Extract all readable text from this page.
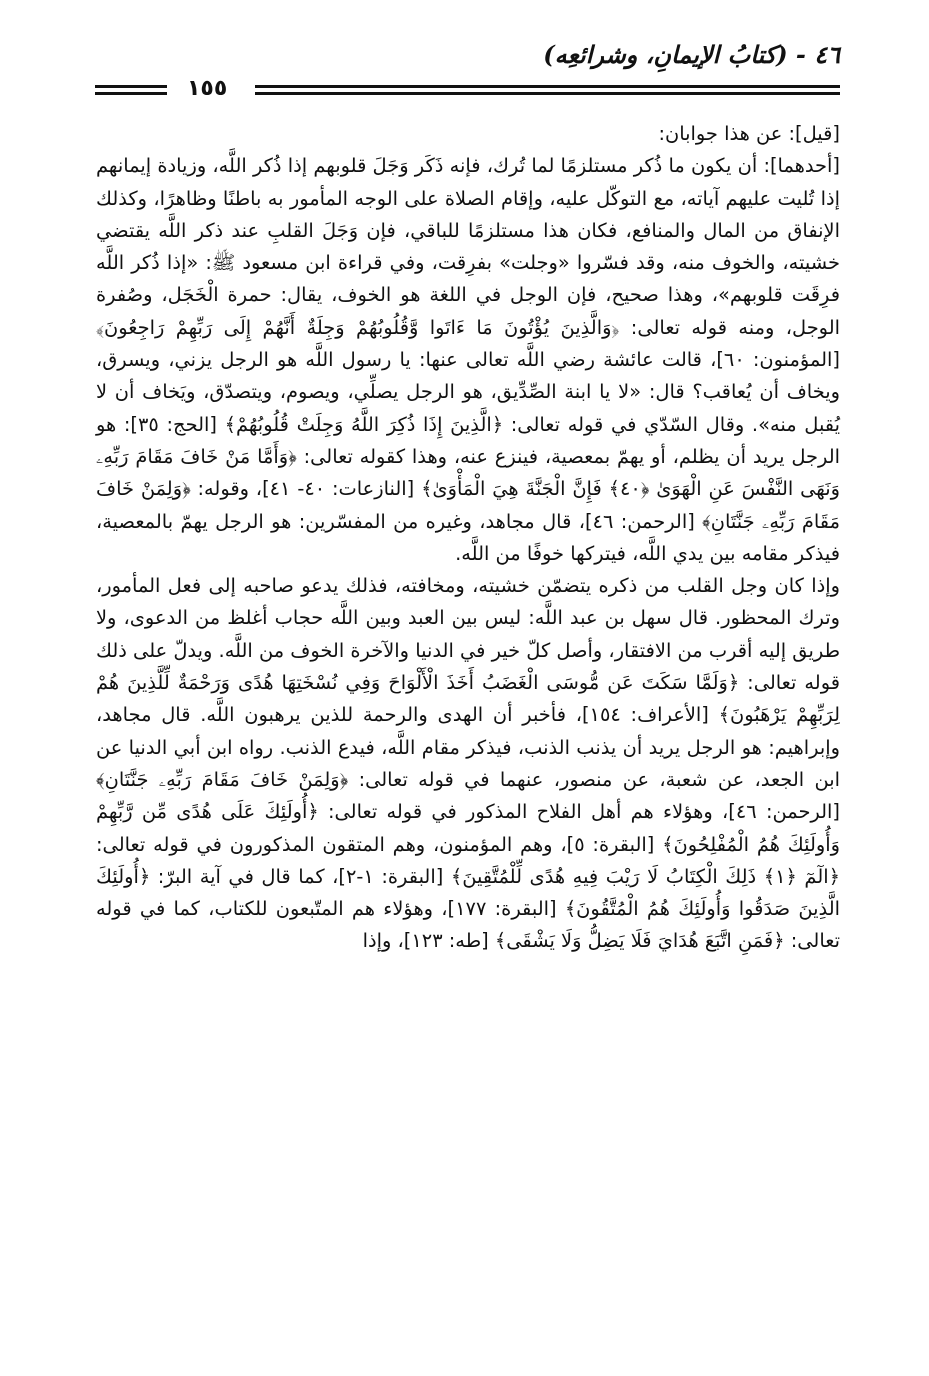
٤٦ - (كتابُ الإيمانِ، وشرائعِه)
١٥٥

[قيل]: عن هذا جوابان:

[أحدهما]: أن يكون ما ذُكر مستلزمًا لما تُرك، فإنه ذَكَر وَجَلَ قلوبهم إذا ذُكر اللَّه، وزيادة إيمانهم إذا تُليت عليهم آياته، مع التوكّل عليه، وإقام الصلاة على الوجه المأمور به باطنًا وظاهرًا، وكذلك الإنفاق من المال والمنافع، فكان هذا مستلزمًا للباقي، فإن وَجَلَ القلبِ عند ذكر اللَّه يقتضي خشيته، والخوف منه، وقد فسّروا «وجلت» بفرِقت، وفي قراءة ابن مسعود ﷺ: «إذا ذُكر اللَّه فرِقَت قلوبهم»، وهذا صحيح، فإن الوجل في اللغة هو الخوف، يقال: حمرة الْخَجَل، وصُفرة الوجل، ومنه قوله تعالى: ﴿وَالَّذِينَ يُؤْتُونَ مَا ءَاتَوا وَّقُلُوبُهُمْ وَجِلَةٌ أَنَّهُمْ إِلَى رَبِّهِمْ رَاجِعُونَ﴾ [المؤمنون: ٦٠]، قالت عائشة رضي اللَّه تعالى عنها: يا رسول اللَّه هو الرجل يزني، ويسرق، ويخاف أن يُعاقب؟ قال: «لا يا ابنة الصِّدِّيق، هو الرجل يصلِّي، ويصوم، ويتصدّق، ويَخاف أن لا يُقبل منه». وقال السّدّي في قوله تعالى: ﴿الَّذِينَ إِذَا ذُكِرَ اللَّهُ وَجِلَتْ قُلُوبُهُمْ﴾ [الحج: ٣٥]: هو الرجل يريد أن يظلم، أو يهمّ بمعصية، فينزع عنه، وهذا كقوله تعالى: ﴿وَأَمَّا مَنْ خَافَ مَقَامَ رَبِّهِۦ وَنَهَى النَّفْسَ عَنِ الْهَوَىٰ ﴿٤٠﴾ فَإِنَّ الْجَنَّةَ هِيَ الْمَأْوَىٰ﴾ [النازعات: ٤٠- ٤١]، وقوله: ﴿وَلِمَنْ خَافَ مَقَامَ رَبِّهِۦ جَنَّتَانِ﴾ [الرحمن: ٤٦]، قال مجاهد، وغيره من المفسّرين: هو الرجل يهمّ بالمعصية، فيذكر مقامه بين يدي اللَّه، فيتركها خوفًا من اللَّه.

وإذا كان وجل القلب من ذكره يتضمّن خشيته، ومخافته، فذلك يدعو صاحبه إلى فعل المأمور، وترك المحظور. قال سهل بن عبد اللَّه: ليس بين العبد وبين اللَّه حجاب أغلظ من الدعوى، ولا طريق إليه أقرب من الافتقار، وأصل كلّ خير في الدنيا والآخرة الخوف من اللَّه. ويدلّ على ذلك قوله تعالى: ﴿وَلَمَّا سَكَتَ عَن مُّوسَى الْغَضَبُ أَخَذَ الْأَلْوَاحَ وَفِي نُسْخَتِهَا هُدًى وَرَحْمَةٌ لِّلَّذِينَ هُمْ لِرَبِّهِمْ يَرْهَبُونَ﴾ [الأعراف: ١٥٤]، فأخبر أن الهدى والرحمة للذين يرهبون اللَّه. قال مجاهد، وإبراهيم: هو الرجل يريد أن يذنب الذنب، فيذكر مقام اللَّه، فيدع الذنب. رواه ابن أبي الدنيا عن ابن الجعد، عن شعبة، عن منصور، عنهما في قوله تعالى: ﴿وَلِمَنْ خَافَ مَقَامَ رَبِّهِۦ جَنَّتَانِ﴾ [الرحمن: ٤٦]، وهؤلاء هم أهل الفلاح المذكور في قوله تعالى: ﴿أُولَئِكَ عَلَى هُدًى مِّن رَّبِّهِمْ وَأُولَئِكَ هُمُ الْمُفْلِحُونَ﴾ [البقرة: ٥]، وهم المؤمنون، وهم المتقون المذكورون في قوله تعالى: ﴿الٓمٓ ﴿١﴾ ذَلِكَ الْكِتَابُ لَا رَيْبَ فِيهِ هُدًى لِّلْمُتَّقِينَ﴾ [البقرة: ١-٢]، كما قال في آية البرّ: ﴿أُولَئِكَ الَّذِينَ صَدَقُوا وَأُولَئِكَ هُمُ الْمُتَّقُونَ﴾ [البقرة: ١٧٧]، وهؤلاء هم المتّبعون للكتاب، كما في قوله تعالى: ﴿فَمَنِ اتَّبَعَ هُدَايَ فَلَا يَضِلُّ وَلَا يَشْقَى﴾ [طه: ١٢٣]، وإذا
